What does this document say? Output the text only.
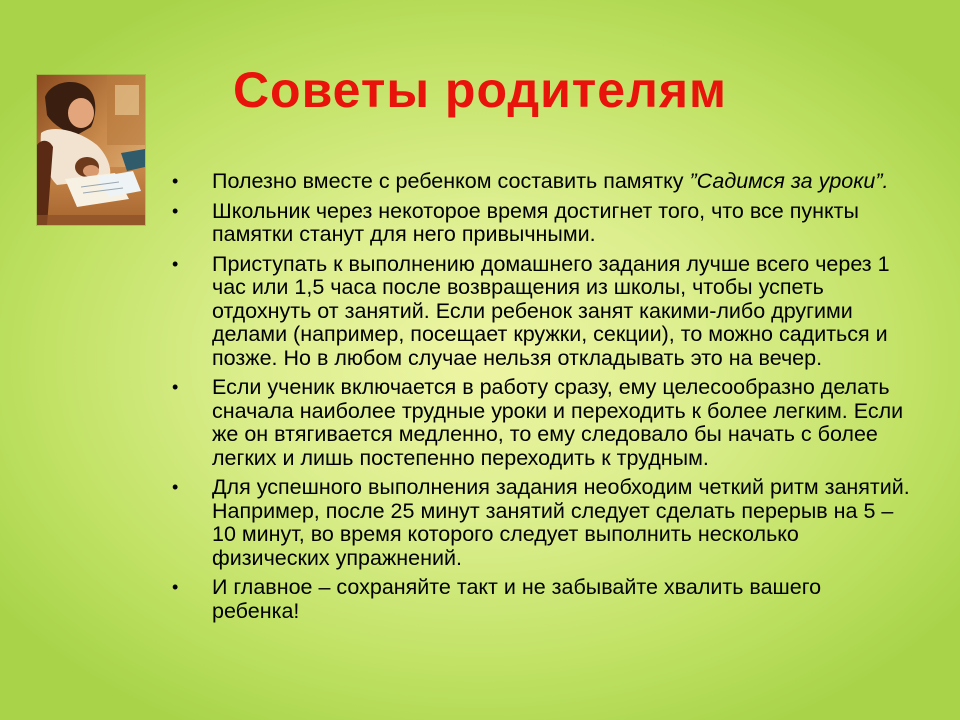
Советы родителям
•	Полезно вместе с ребенком составить памятку ”Садимся за уроки”.
•	Школьник через некоторое время достигнет того, что все пункты памятки станут для него привычными.
•	Приступать к выполнению домашнего задания лучше всего через 1 час или 1,5 часа после возвращения из школы, чтобы успеть отдохнуть от занятий. Если ребенок занят какими-либо другими делами (например, посещает кружки, секции), то можно садиться и позже. Но в любом случае нельзя откладывать это на вечер.
•	Если ученик включается в работу сразу, ему целесообразно делать сначала наиболее трудные уроки и переходить к более легким. Если же он втягивается медленно, то ему следовало бы начать с более легких и лишь постепенно переходить к трудным.
•	Для успешного выполнения задания необходим четкий ритм занятий. Например, после 25 минут занятий следует сделать перерыв на 5 – 10 минут, во время которого следует выполнить несколько физических упражнений.
•	И главное – сохраняйте такт и не забывайте хвалить вашего ребенка!
